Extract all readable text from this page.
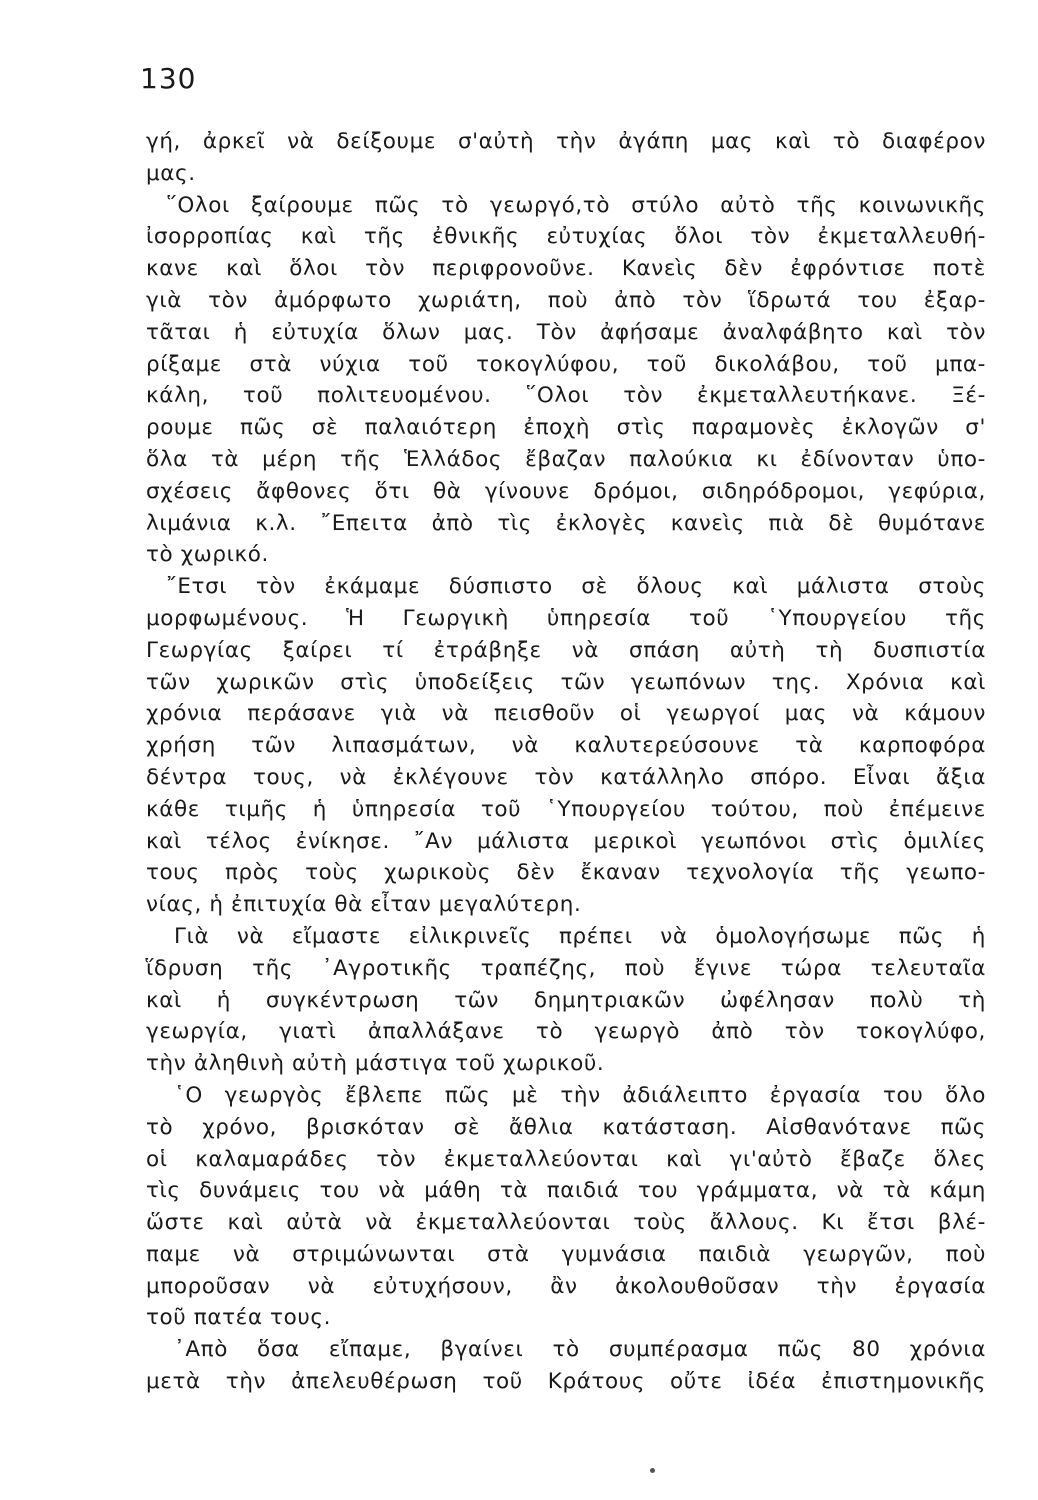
130
γή, ἀρκεῖ νὰ δείξουμε σ'αὐτὴ τὴν ἀγάπη μας καὶ τὸ διαφέρον
μας.
῞Ολοι ξαίρουμε πῶς τὸ γεωργό,τὸ στύλο αὐτὸ τῆς κοινωνικῆς
ἰσορροπίας καὶ τῆς ἐθνικῆς εὐτυχίας ὅλοι τὸν ἐκμεταλλευθή-
κανε καὶ ὅλοι τὸν περιφρονοῦνε. Κανεὶς δὲν ἐφρόντισε ποτὲ
γιὰ τὸν ἀμόρφωτο χωριάτη, ποὺ ἀπὸ τὸν ἵδρωτά του ἐξαρ-
τᾶται ἡ εὐτυχία ὅλων μας. Τὸν ἀφήσαμε ἀναλφάβητο καὶ τὸν
ρίξαμε στὰ νύχια τοῦ τοκογλύφου, τοῦ δικολάβου, τοῦ μπα-
κάλη, τοῦ πολιτευομένου. ῞Ολοι τὸν ἐκμεταλλευτήκανε. Ξέ-
ρουμε πῶς σὲ παλαιότερη ἐποχὴ στὶς παραμονὲς ἐκλογῶν σ'
ὅλα τὰ μέρη τῆς Ἑλλάδος ἔβαζαν παλούκια κι ἐδίνονταν ὑπο-
σχέσεις ἄφθονες ὅτι θὰ γίνουνε δρόμοι, σιδηρόδρομοι, γεφύρια,
λιμάνια κ.λ. ῎Επειτα ἀπὸ τὶς ἐκλογὲς κανεὶς πιὰ δὲ θυμότανε
τὸ χωρικό.
῎Ετσι τὸν ἐκάμαμε δύσπιστο σὲ ὅλους καὶ μάλιστα στοὺς
μορφωμένους. Ἡ Γεωργικὴ ὑπηρεσία τοῦ ῾Υπουργείου τῆς
Γεωργίας ξαίρει τί ἐτράβηξε νὰ σπάση αὐτὴ τὴ δυσπιστία
τῶν χωρικῶν στὶς ὑποδείξεις τῶν γεωπόνων της. Χρόνια καὶ
χρόνια περάσανε γιὰ νὰ πεισθοῦν οἱ γεωργοί μας νὰ κάμουν
χρήση τῶν λιπασμάτων, νὰ καλυτερεύσουνε τὰ καρποφόρα
δέντρα τους, νὰ ἐκλέγουνε τὸν κατάλληλο σπόρο. Εἶναι ἄξια
κάθε τιμῆς ἡ ὑπηρεσία τοῦ ῾Υπουργείου τούτου, ποὺ ἐπέμεινε
καὶ τέλος ἐνίκησε. ῎Αν μάλιστα μερικοὶ γεωπόνοι στὶς ὁμιλίες
τους πρὸς τοὺς χωρικοὺς δὲν ἔκαναν τεχνολογία τῆς γεωπο-
νίας, ἡ ἐπιτυχία θὰ εἶταν μεγαλύτερη.
Γιὰ νὰ εἴμαστε εἰλικρινεῖς πρέπει νὰ ὁμολογήσωμε πῶς ἡ
ἵδρυση τῆς ᾿Αγροτικῆς τραπέζης, ποὺ ἔγινε τώρα τελευταῖα
καὶ ἡ συγκέντρωση τῶν δημητριακῶν ὠφέλησαν πολὺ τὴ
γεωργία, γιατὶ ἀπαλλάξανε τὸ γεωργὸ ἀπὸ τὸν τοκογλύφο,
τὴν ἀληθινὴ αὐτὴ μάστιγα τοῦ χωρικοῦ.
῾Ο γεωργὸς ἔβλεπε πῶς μὲ τὴν ἀδιάλειπτο ἐργασία του ὅλο
τὸ χρόνο, βρισκόταν σὲ ἄθλια κατάσταση. Αἰσθανότανε πῶς
οἱ καλαμαράδες τὸν ἐκμεταλλεύονται καὶ γι'αὐτὸ ἔβαζε ὅλες
τὶς δυνάμεις του νὰ μάθη τὰ παιδιά του γράμματα, νὰ τὰ κάμη
ὥστε καὶ αὐτὰ νὰ ἐκμεταλλεύονται τοὺς ἄλλους. Κι ἔτσι βλέ-
παμε νὰ στριμώνωνται στὰ γυμνάσια παιδιὰ γεωργῶν, ποὺ
μποροῦσαν νὰ εὐτυχήσουν, ἂν ἀκολουθοῦσαν τὴν ἐργασία
τοῦ πατέα τους.
᾿Απὸ ὅσα εἴπαμε, βγαίνει τὸ συμπέρασμα πῶς 80 χρόνια
μετὰ τὴν ἀπελευθέρωση τοῦ Κράτους οὔτε ἰδέα ἐπιστημονικῆς
